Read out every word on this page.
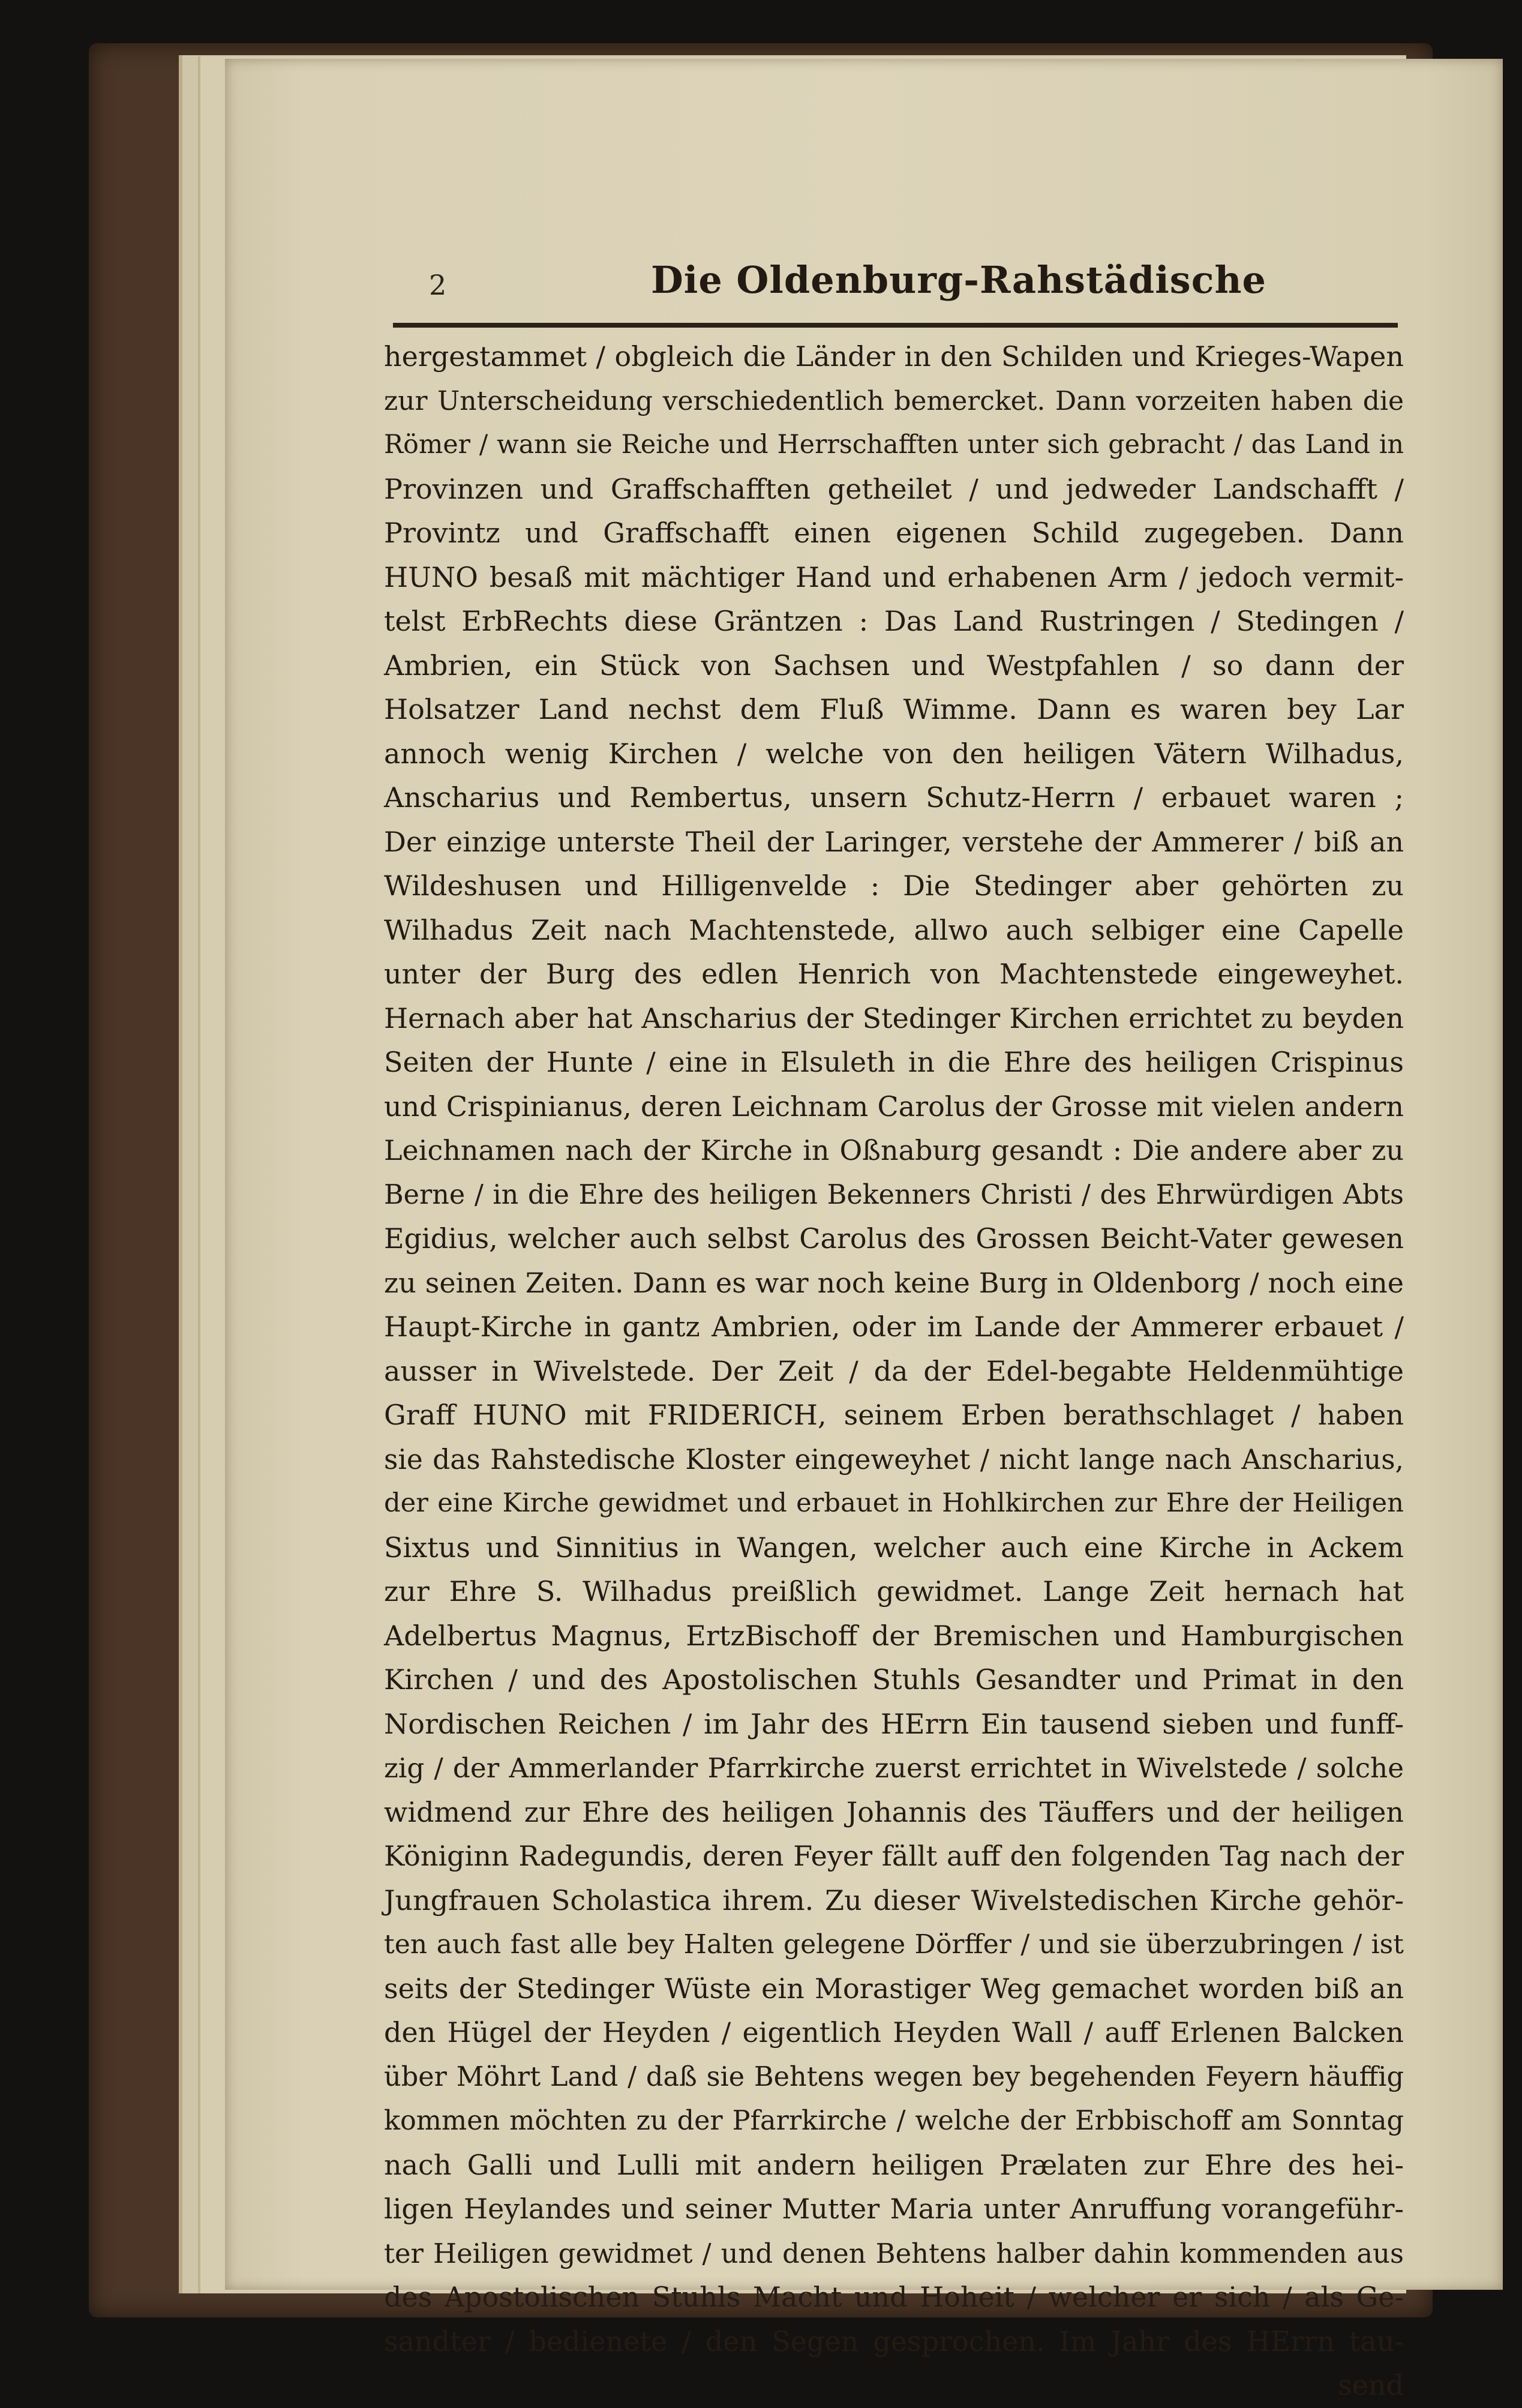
2	Die Oldenburg-Rahstädische
hergestammet / obgleich die Länder in den Schilden und Krieges-Wapen
zur Unterscheidung verschiedentlich bemercket. Dann vorzeiten haben die
Römer / wann sie Reiche und Herrschafften unter sich gebracht / das Land in
Provinzen und Graffschafften getheilet / und jedweder Landschafft /
Provintz und Graffschafft einen eigenen Schild zugegeben. Dann
HUNO besaß mit mächtiger Hand und erhabenen Arm / jedoch vermit-
telst ErbRechts diese Gräntzen : Das Land Rustringen / Stedingen /
Ambrien, ein Stück von Sachsen und Westpfahlen / so dann der
Holsatzer Land nechst dem Fluß Wimme. Dann es waren bey Lar
annoch wenig Kirchen / welche von den heiligen Vätern Wilhadus,
Anscharius und Rembertus, unsern Schutz-Herrn / erbauet waren ;
Der einzige unterste Theil der Laringer, verstehe der Ammerer / biß an
Wildeshusen und Hilligenvelde : Die Stedinger aber gehörten zu
Wilhadus Zeit nach Machtenstede, allwo auch selbiger eine Capelle
unter der Burg des edlen Henrich von Machtenstede eingeweyhet.
Hernach aber hat Anscharius der Stedinger Kirchen errichtet zu beyden
Seiten der Hunte / eine in Elsuleth in die Ehre des heiligen Crispinus
und Crispinianus, deren Leichnam Carolus der Grosse mit vielen andern
Leichnamen nach der Kirche in Oßnaburg gesandt : Die andere aber zu
Berne / in die Ehre des heiligen Bekenners Christi / des Ehrwürdigen Abts
Egidius, welcher auch selbst Carolus des Grossen Beicht-Vater gewesen
zu seinen Zeiten. Dann es war noch keine Burg in Oldenborg / noch eine
Haupt-Kirche in gantz Ambrien, oder im Lande der Ammerer erbauet /
ausser in Wivelstede. Der Zeit / da der Edel-begabte Heldenmühtige
Graff HUNO mit FRIDERICH, seinem Erben berathschlaget / haben
sie das Rahstedische Kloster eingeweyhet / nicht lange nach Anscharius,
der eine Kirche gewidmet und erbauet in Hohlkirchen zur Ehre der Heiligen
Sixtus und Sinnitius in Wangen, welcher auch eine Kirche in Ackem
zur Ehre S. Wilhadus preißlich gewidmet. Lange Zeit hernach hat
Adelbertus Magnus, ErtzBischoff der Bremischen und Hamburgischen
Kirchen / und des Apostolischen Stuhls Gesandter und Primat in den
Nordischen Reichen / im Jahr des HErrn Ein tausend sieben und funff-
zig / der Ammerlander Pfarrkirche zuerst errichtet in Wivelstede / solche
widmend zur Ehre des heiligen Johannis des Täuffers und der heiligen
Königinn Radegundis, deren Feyer fällt auff den folgenden Tag nach der
Jungfrauen Scholastica ihrem. Zu dieser Wivelstedischen Kirche gehör-
ten auch fast alle bey Halten gelegene Dörffer / und sie überzubringen / ist
seits der Stedinger Wüste ein Morastiger Weg gemachet worden biß an
den Hügel der Heyden / eigentlich Heyden Wall / auff Erlenen Balcken
über Möhrt Land / daß sie Behtens wegen bey begehenden Feyern häuffig
kommen möchten zu der Pfarrkirche / welche der Erbbischoff am Sonntag
nach Galli und Lulli mit andern heiligen Prælaten zur Ehre des hei-
ligen Heylandes und seiner Mutter Maria unter Anruffung vorangeführ-
ter Heiligen gewidmet / und denen Behtens halber dahin kommenden aus
des Apostolischen Stuhls Macht und Hoheit / welcher er sich / als Ge-
sandter / bedienete / den Segen gesprochen. Im Jahr des HErrn tau-
send
